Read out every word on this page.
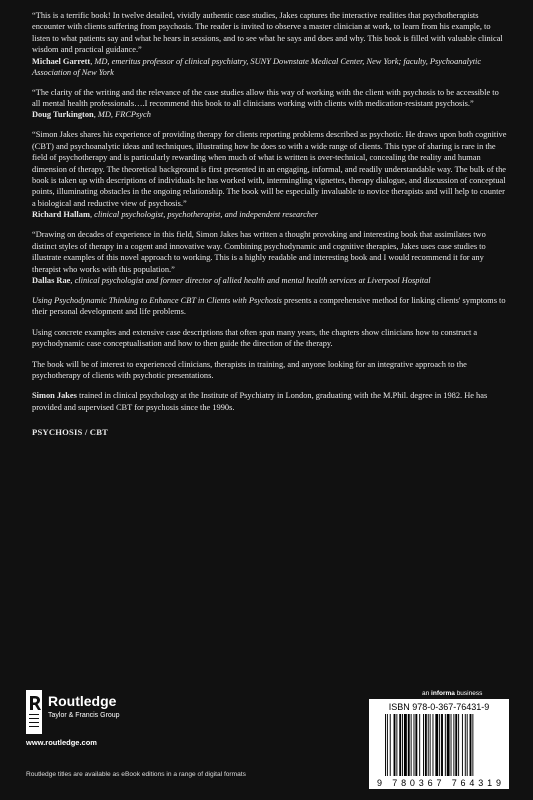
“This is a terrific book! In twelve detailed, vividly authentic case studies, Jakes captures the interactive realities that psychotherapists encounter with clients suffering from psychosis. The reader is invited to observe a master clinician at work, to learn from his example, to listen to what patients say and what he hears in sessions, and to see what he says and does and why. This book is filled with valuable clinical wisdom and practical guidance.”
Michael Garrett, MD, emeritus professor of clinical psychiatry, SUNY Downstate Medical Center, New York; faculty, Psychoanalytic Association of New York
“The clarity of the writing and the relevance of the case studies allow this way of working with the client with psychosis to be accessible to all mental health professionals….I recommend this book to all clinicians working with clients with medication-resistant psychosis.”
Doug Turkington, MD, FRCPsych
“Simon Jakes shares his experience of providing therapy for clients reporting problems described as psychotic. He draws upon both cognitive (CBT) and psychoanalytic ideas and techniques, illustrating how he does so with a wide range of clients. This type of sharing is rare in the field of psychotherapy and is particularly rewarding when much of what is written is over-technical, concealing the reality and human dimension of therapy. The theoretical background is first presented in an engaging, informal, and readily understandable way. The bulk of the book is taken up with descriptions of individuals he has worked with, intermingling vignettes, therapy dialogue, and discussion of conceptual points, illuminating obstacles in the ongoing relationship. The book will be especially invaluable to novice therapists and will help to counter a biological and reductive view of psychosis.”
Richard Hallam, clinical psychologist, psychotherapist, and independent researcher
“Drawing on decades of experience in this field, Simon Jakes has written a thought provoking and interesting book that assimilates two distinct styles of therapy in a cogent and innovative way. Combining psychodynamic and cognitive therapies, Jakes uses case studies to illustrate examples of this novel approach to working. This is a highly readable and interesting book and I would recommend it for any therapist who works with this population.”
Dallas Rae, clinical psychologist and former director of allied health and mental health services at Liverpool Hospital
Using Psychodynamic Thinking to Enhance CBT in Clients with Psychosis presents a comprehensive method for linking clients' symptoms to their personal development and life problems.
Using concrete examples and extensive case descriptions that often span many years, the chapters show clinicians how to construct a psychodynamic case conceptualisation and how to then guide the direction of the therapy.
The book will be of interest to experienced clinicians, therapists in training, and anyone looking for an integrative approach to the psychotherapy of clients with psychotic presentations.
Simon Jakes trained in clinical psychology at the Institute of Psychiatry in London, graduating with the M.Phil. degree in 1982. He has provided and supervised CBT for psychosis since the 1990s.
PSYCHOSIS / CBT
Routledge
Taylor & Francis Group
www.routledge.com
an informa business
ISBN 978-0-367-76431-9
9 780367 764319
Routledge titles are available as eBook editions in a range of digital formats
